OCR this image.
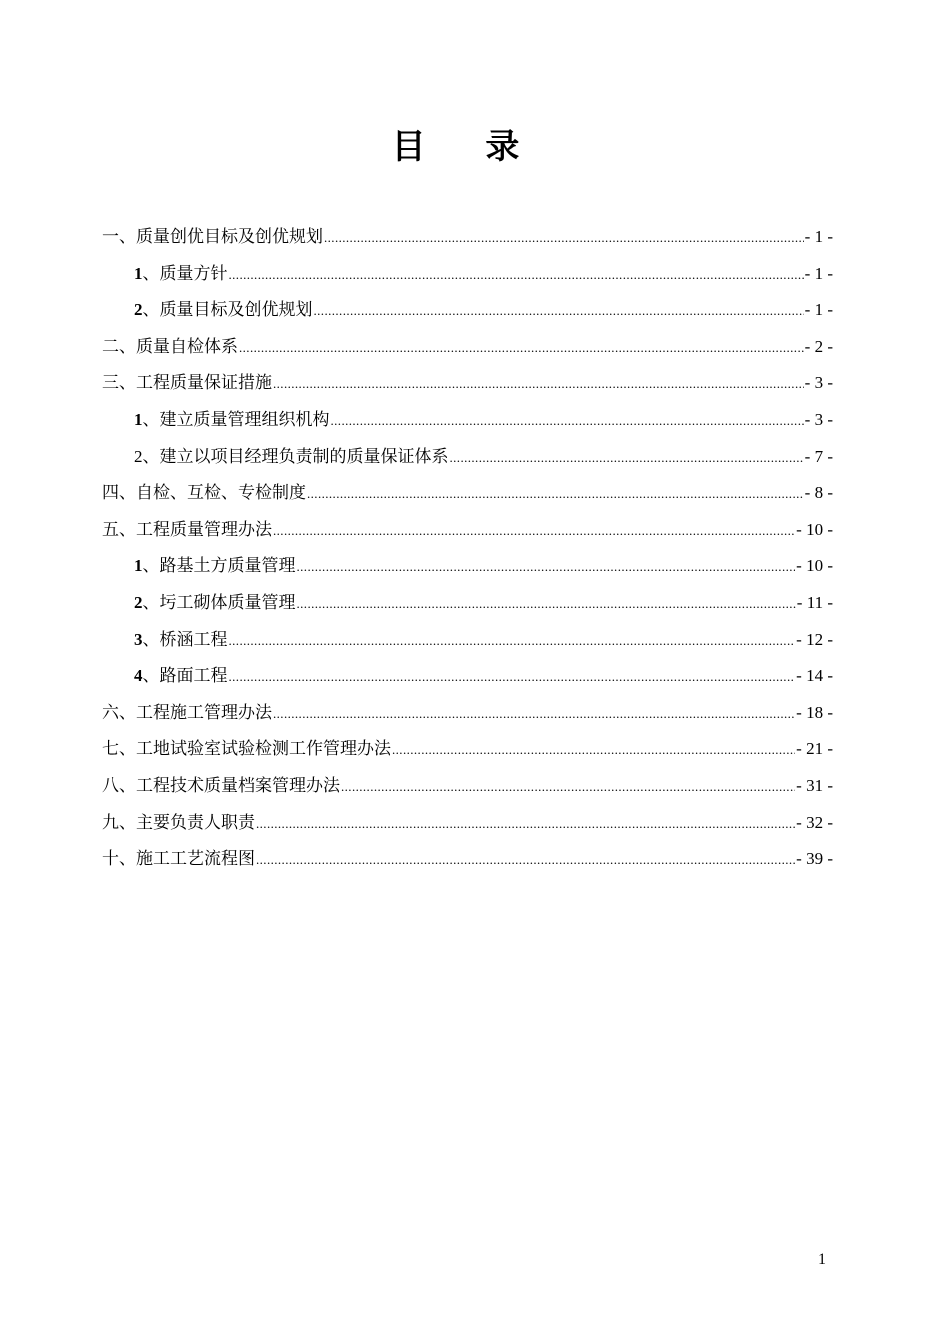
目 录
一、质量创优目标及创优规划 .....	- 1 -
1、质量方针 .....	- 1 -
2、质量目标及创优规划 .....	- 1 -
二、质量自检体系 .....	- 2 -
三、工程质量保证措施 .....	- 3 -
1、建立质量管理组织机构 .....	- 3 -
2、建立以项目经理负责制的质量保证体系 .....	- 7 -
四、自检、互检、专检制度 .....	- 8 -
五、工程质量管理办法 .....	- 10 -
1、路基土方质量管理 .....	- 10 -
2、圬工砌体质量管理 .....	- 11 -
3、桥涵工程 .....	- 12 -
4、路面工程 .....	- 14 -
六、工程施工管理办法 .....	- 18 -
七、工地试验室试验检测工作管理办法 .....	- 21 -
八、工程技术质量档案管理办法 .....	- 31 -
九、主要负责人职责 .....	- 32 -
十、施工工艺流程图 .....	- 39 -
1
